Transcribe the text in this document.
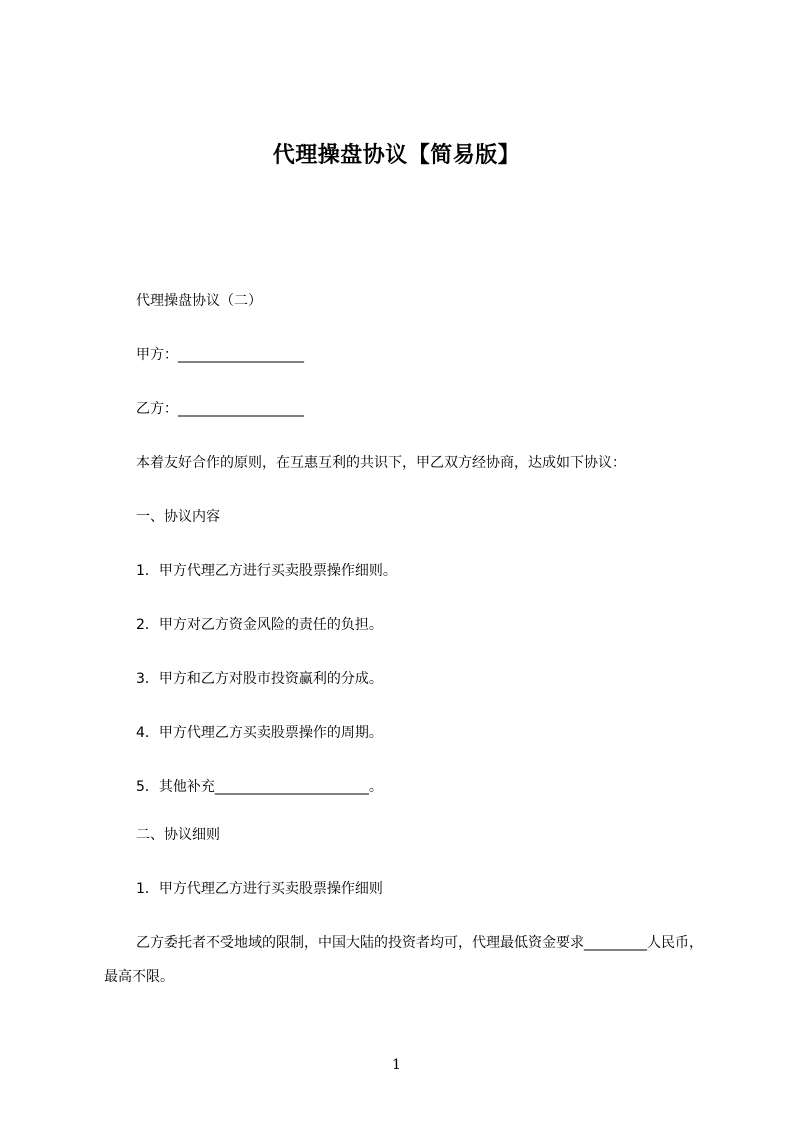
代理操盘协议【简易版】
代理操盘协议（二）
甲方：__________________
乙方：__________________
本着友好合作的原则，在互惠互利的共识下，甲乙双方经协商，达成如下协议：
一、协议内容
1．甲方代理乙方进行买卖股票操作细则。
2．甲方对乙方资金风险的责任的负担。
3．甲方和乙方对股市投资赢利的分成。
4．甲方代理乙方买卖股票操作的周期。
5．其他补充______________________。
二、协议细则
1．甲方代理乙方进行买卖股票操作细则
乙方委托者不受地域的限制，中国大陆的投资者均可，代理最低资金要求_________人民币，最高不限。
1
